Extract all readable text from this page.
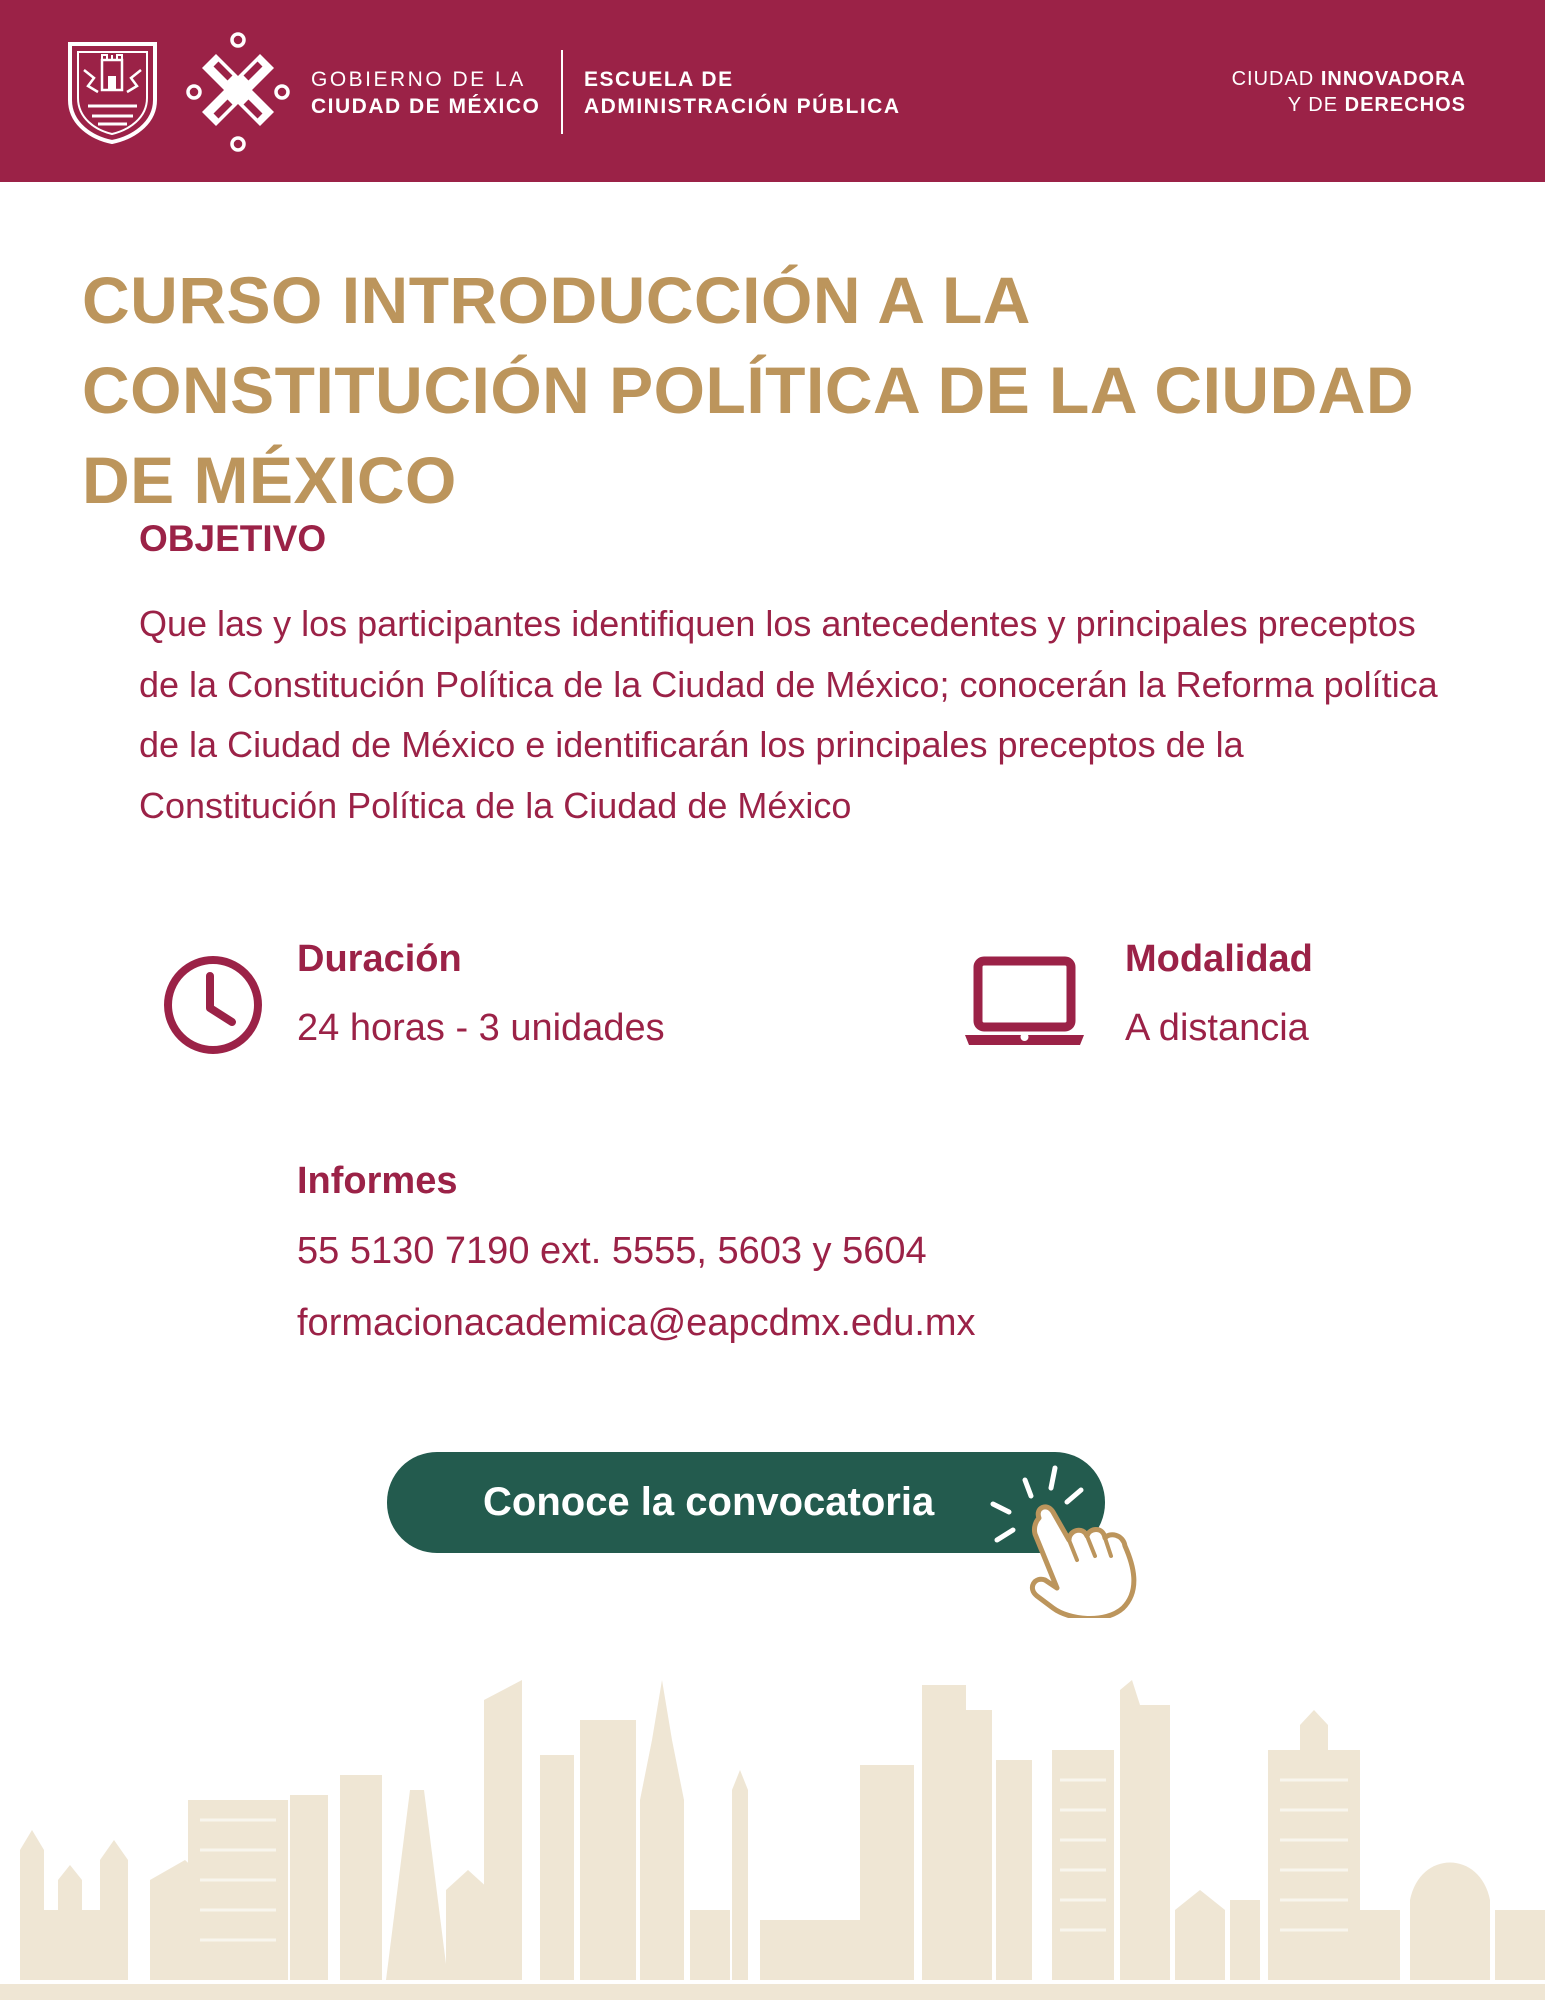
GOBIERNO DE LA
CIUDAD DE MÉXICO
ESCUELA DE
ADMINISTRACIÓN PÚBLICA
CIUDAD INNOVADORA
Y DE DERECHOS
CURSO INTRODUCCIÓN A LA CONSTITUCIÓN POLÍTICA DE LA CIUDAD DE MÉXICO
OBJETIVO

Que las y los participantes identifiquen los antecedentes y principales preceptos de la Constitución Política de la Ciudad de México; conocerán la Reforma política de la Ciudad de México e identificarán los principales preceptos de la Constitución Política de la Ciudad de México

Duración
24 horas - 3 unidades
Modalidad
A distancia
Informes
55 5130 7190 ext. 5555, 5603 y 5604
formacionacademica@eapcdmx.edu.mx
Conoce la convocatoria
